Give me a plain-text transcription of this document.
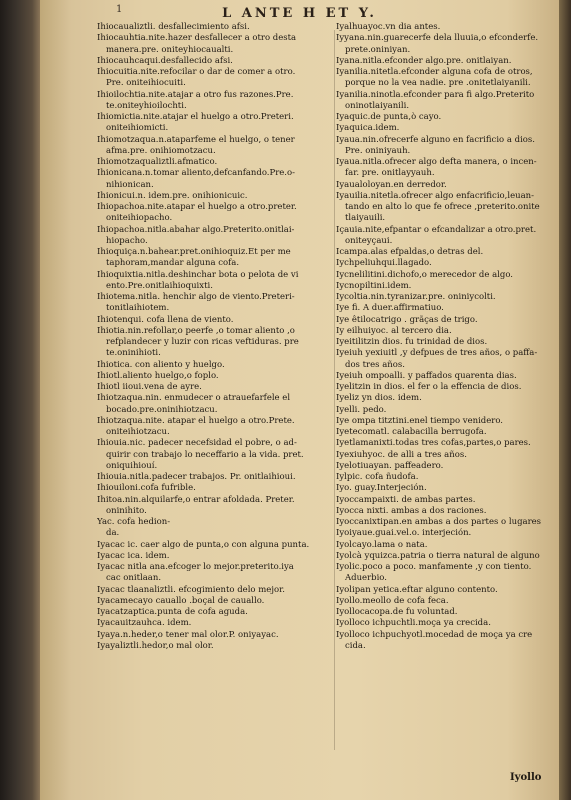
1	L ANTE H ET Y.
Ihiocaualiztli. desfallecimiento afsi.
Ihiocauhtia.nite.hazer desfallecer a otro desta
manera.pre. oniteyhiocaualti.
Ihiocauhcaqui.desfallecido afsi.
Ihiocuitia.nite.refocilar o dar de comer a otro.
Pre. oniteihiocuiti.
Ihioilochtia.nite.atajar a otro fus razones.Pre.
te.oniteyhioilochti.
Ihiomictia.nite.atajar el huelgo a otro.Preteri.
oniteihiomicti.
Ihiomotzaqua.n.ataparfeme el huelgo, o tener
afma.pre. onihiomotzacu.
Ihiomotzaqualiztli.afmatico.
Ihionicana.n.tomar aliento,defcanfando.Pre.o-
nihionican.
Ihionicui.n. idem.pre. onihionicuic.
Ihiopachoa.nite.atapar el huelgo a otro.preter.
oniteihiopacho.
Ihiopachoa.nitla.abahar algo.Preterito.onitlai-
hiopacho.
Ihioquiça.n.bahear.pret.onihioquiz.Et per me
taphoram,mandar alguna cofa.
Ihioquixtia.nitla.deshinchar bota o pelota de vi
ento.Pre.onitlaihioquixti.
Ihiotema.nitla. henchir algo de viento.Preteri-
tonitlaihiotem.
Ihiotenqui. cofa llena de viento.
Ihiotia.nin.refollar,o peerfe ,o tomar aliento ,o
refplandecer y luzir con ricas veftiduras. pre
te.oninihioti.
Ihiotica. con aliento y huelgo.
Ihiotl.aliento huelgo,o foplo.
Ihiotl iioui.vena de ayre.
Ihiotzaqua.nin. enmudecer o atrauefarfele el
bocado.pre.oninihiotzacu.
Ihiotzaqua.nite. atapar el huelgo a otro.Prete.
oniteihiotzacu.
Ihiouia.nic. padecer necefsidad el pobre, o ad-
quirir con trabajo lo neceffario a la vida. pret.
oniquihiouí.
Ihiouia.nitla.padecer trabajos. Pr. onitlaihioui.
Ihiouiloni.cofa fufrible.
Ihitoa.nin.alquilarfe,o entrar afoldada. Preter.
oninihito.
Yac. cofa hedion-
da.
Iyacac ic. caer algo de punta,o con alguna punta.
Iyacac ica. idem.
Iyacac nitla ana.efcoger lo mejor.preterito.iya
cac onitlaan.
Iyacac tlaanaliztli. efcogimiento delo mejor.
Iyacamecayo cauallo .boçal de cauallo.
Iyacatzaptica.punta de cofa aguda.
Iyacauitzauhca. idem.
Iyaya.n.heder,o tener mal olor.P. oniyayac.
Iyayaliztli.hedor,o mal olor.
Iyalhuayoc.vn dia antes.
Iyyana.nin.guarecerfe dela lluuia,o efconderfe.
prete.oniniyan.
Iyana.nitla.efconder algo.pre. onitlaiyan.
Iyanilia.nitetla.efconder alguna cofa de otros,
porque no la vea nadie. pre .onitetlaiyanili.
Iyanilia.ninotla.efconder para fi algo.Preterito
oninotlaiyanili.
Iyaquic.de punta,ò cayo.
Iyaquica.idem.
Iyaua.nin.ofrecerfe alguno en facrificio a dios.
Pre. oniniyauh.
Iyaua.nitla.ofrecer algo defta manera, o incen-
far. pre. onitlayyauh.
Iyaualoloyan.en derredor.
Iyauilia.nitetla.ofrecer algo enfacrificio,leuan-
tando en alto lo que fe ofrece ,preterito.onite
tlaiyauili.
Içauia.nite,efpantar o efcandalizar a otro.pret.
oniteyçaui.
Icampa.alas efpaldas,o detras del.
Iychpeliuhqui.llagado.
Iycnelilitini.dichofo,o merecedor de algo.
Iycnopiltini.idem.
Iycoltia.nin.tyranizar.pre. oniniycolti.
Iye fi. A duer.affirmatiuo.
Iye êtilocatrigo . grãças de trigo.
Iy eilhuiyoc. al tercero dia.
Iyeitilitzin dios. fu trinidad de dios.
Iyeiuh yexiuitl ,y defpues de tres años, o paffa-
dos tres años.
Iyeiuh ompoalli. y paffados quarenta dias.
Iyelitzin in dios. el fer o la effencia de dios.
Iyeliz yn dios. idem.
Iyelli. pedo.
Iye ompa titztini.enel tiempo venidero.
Iyetecomatl. calabacilla berrugofa.
Iyetlamanixti.todas tres cofas,partes,o pares.
Iyexiuhyoc. de alli a tres años.
Iyelotiuayan. paffeadero.
Iylpic. cofa ñudofa.
Iyo. guay.Interjeción.
Iyoccampaixti. de ambas partes.
Iyocca nixti. ambas a dos raciones.
Iyoccanixtipan.en ambas a dos partes o lugares
Iyoiyaue.guai.vel.o. interjeción.
Iyolcayo.lama o nata.
Iyolcà yquizca.patria o tierra natural de alguno
Iyolic.poco a poco. manfamente ,y con tiento.
Aduerbio.
Iyolipan yetica.eftar alguno contento.
Iyollo.meollo de cofa feca.
Iyollocacopa.de fu voluntad.
Iyolloco ichpuchtli.moça ya crecida.
Iyolloco ichpuchyotl.mocedad de moça ya cre
cida.
Iyollo
